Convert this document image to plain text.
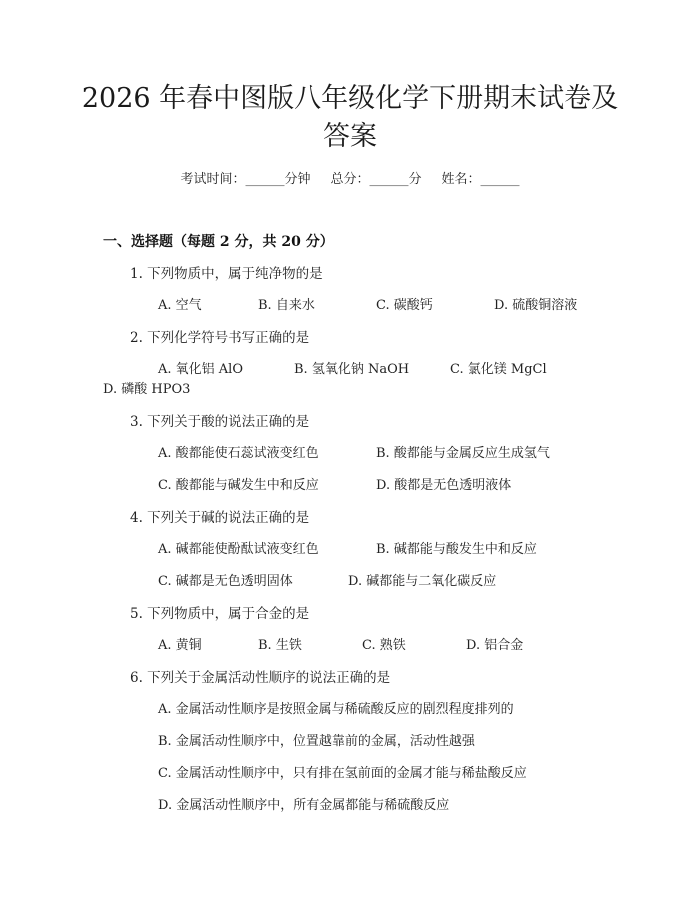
2026 年春中图版八年级化学下册期末试卷及
答案
考试时间：______分钟 总分：______分 姓名：______
一、选择题（每题 2 分，共 20 分）
1. 下列物质中，属于纯净物的是
A. 空气	B. 自来水	C. 碳酸钙	D. 硫酸铜溶液
2. 下列化学符号书写正确的是
A. 氧化铝 AlO	B. 氢氧化钠 NaOH	C. 氯化镁 MgCl
D. 磷酸 HPO3
3. 下列关于酸的说法正确的是
A. 酸都能使石蕊试液变红色	B. 酸都能与金属反应生成氢气
C. 酸都能与碱发生中和反应	D. 酸都是无色透明液体
4. 下列关于碱的说法正确的是
A. 碱都能使酚酞试液变红色	B. 碱都能与酸发生中和反应
C. 碱都是无色透明固体	D. 碱都能与二氧化碳反应
5. 下列物质中，属于合金的是
A. 黄铜	B. 生铁	C. 熟铁	D. 铝合金
6. 下列关于金属活动性顺序的说法正确的是
A. 金属活动性顺序是按照金属与稀硫酸反应的剧烈程度排列的
B. 金属活动性顺序中，位置越靠前的金属，活动性越强
C. 金属活动性顺序中，只有排在氢前面的金属才能与稀盐酸反应
D. 金属活动性顺序中，所有金属都能与稀硫酸反应
